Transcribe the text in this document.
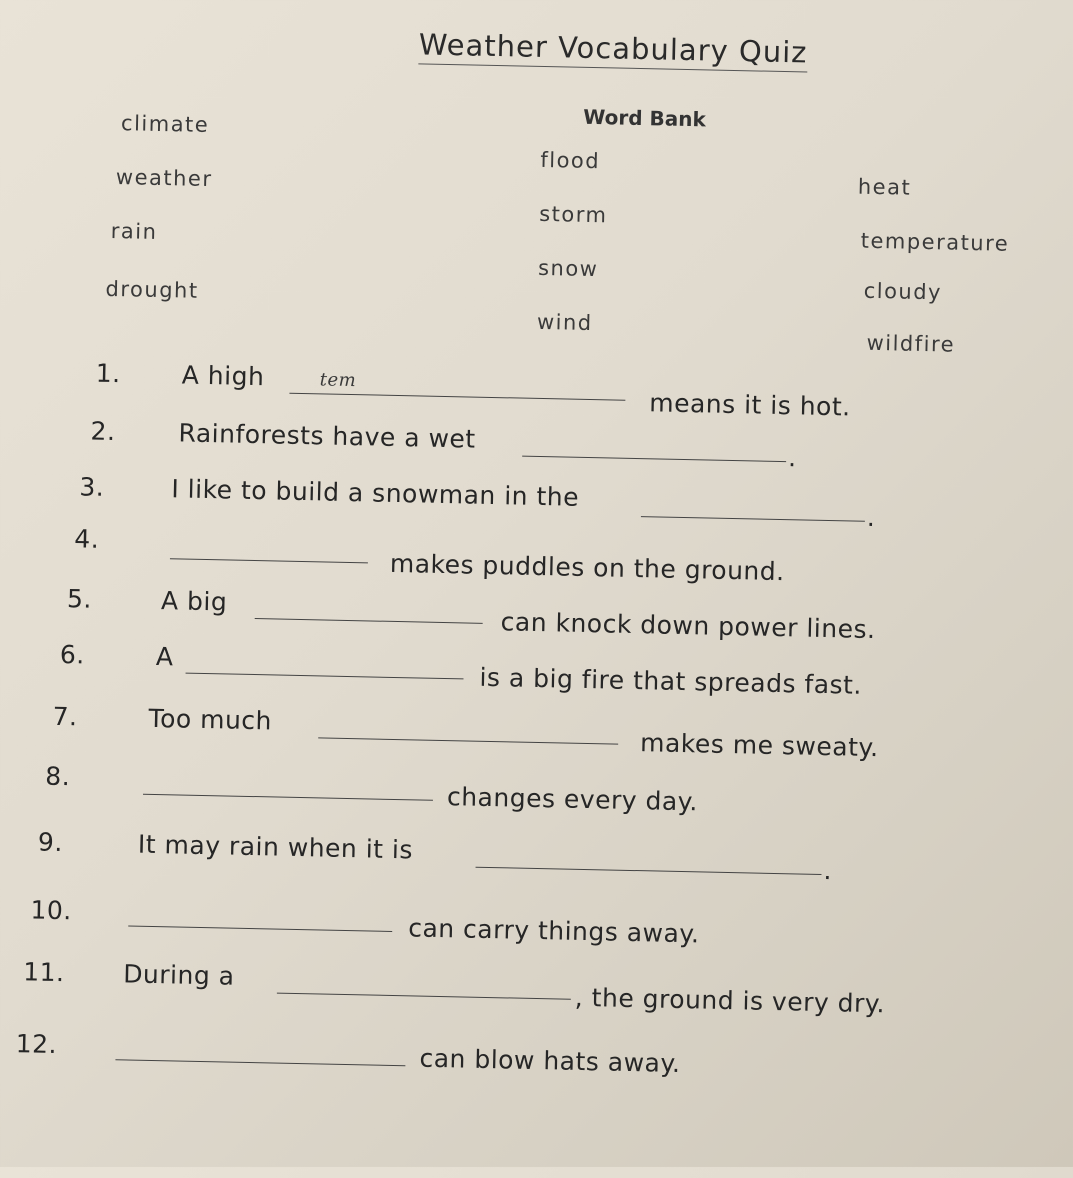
Weather Vocabulary Quiz
Word Bank
climate
weather
rain
drought
flood
storm
snow
wind
heat
temperature
cloudy
wildfire
1. A high	tem
means it is hot.
2.	Rainforests have a wet
.
3.	I like to build a snowman in the
.
4.
makes puddles on the ground.
5.	A big
can knock down power lines.
6.	A
is a big fire that spreads fast.
7.	Too much
makes me sweaty.
8.
changes every day.
9.	It may rain when it is
.
10.
can carry things away.
11. During a
, the ground is very dry.
12.	can blow hats away.
